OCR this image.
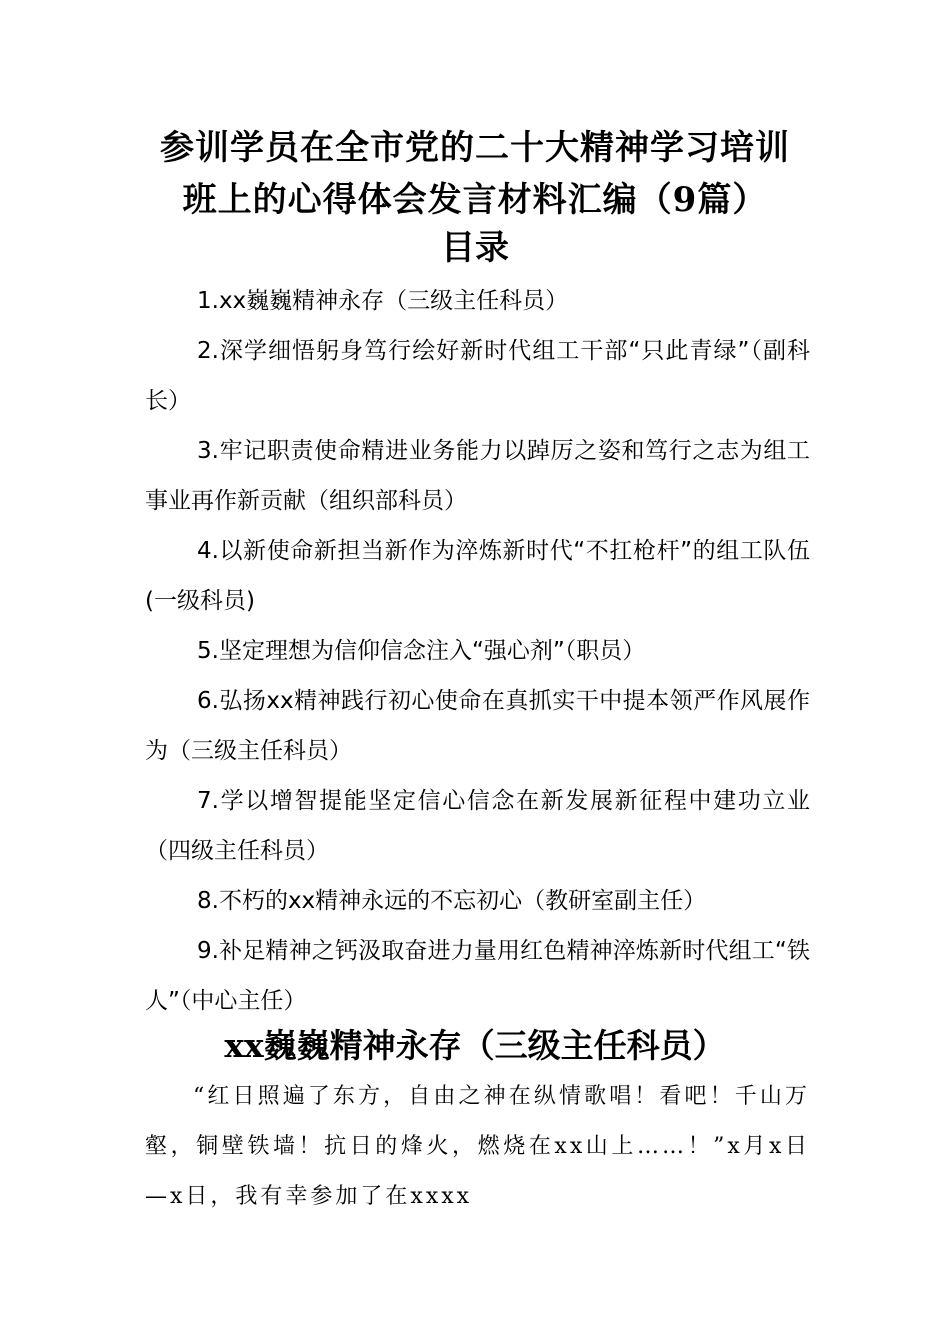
参训学员在全市党的二十大精神学习培训
班上的心得体会发言材料汇编（9篇）
目录

1.xx巍巍精神永存（三级主任科员）

2.深学细悟躬身笃行绘好新时代组工干部“只此青绿”（副科长）

3.牢记职责使命精进业务能力以踔厉之姿和笃行之志为组工事业再作新贡献（组织部科员）

4.以新使命新担当新作为淬炼新时代“不扛枪杆”的组工队伍(一级科员)

5.坚定理想为信仰信念注入“强心剂”（职员）

6.弘扬xx精神践行初心使命在真抓实干中提本领严作风展作为（三级主任科员）

7.学以增智提能坚定信心信念在新发展新征程中建功立业（四级主任科员）

8.不朽的xx精神永远的不忘初心（教研室副主任）

9.补足精神之钙汲取奋进力量用红色精神淬炼新时代组工“铁人”（中心主任）

xx巍巍精神永存（三级主任科员）

“红日照遍了东方，自由之神在纵情歌唱！看吧！千山万壑，铜壁铁墙！抗日的烽火，燃烧在xx山上……！”x月x日—x日，我有幸参加了在xxxx
